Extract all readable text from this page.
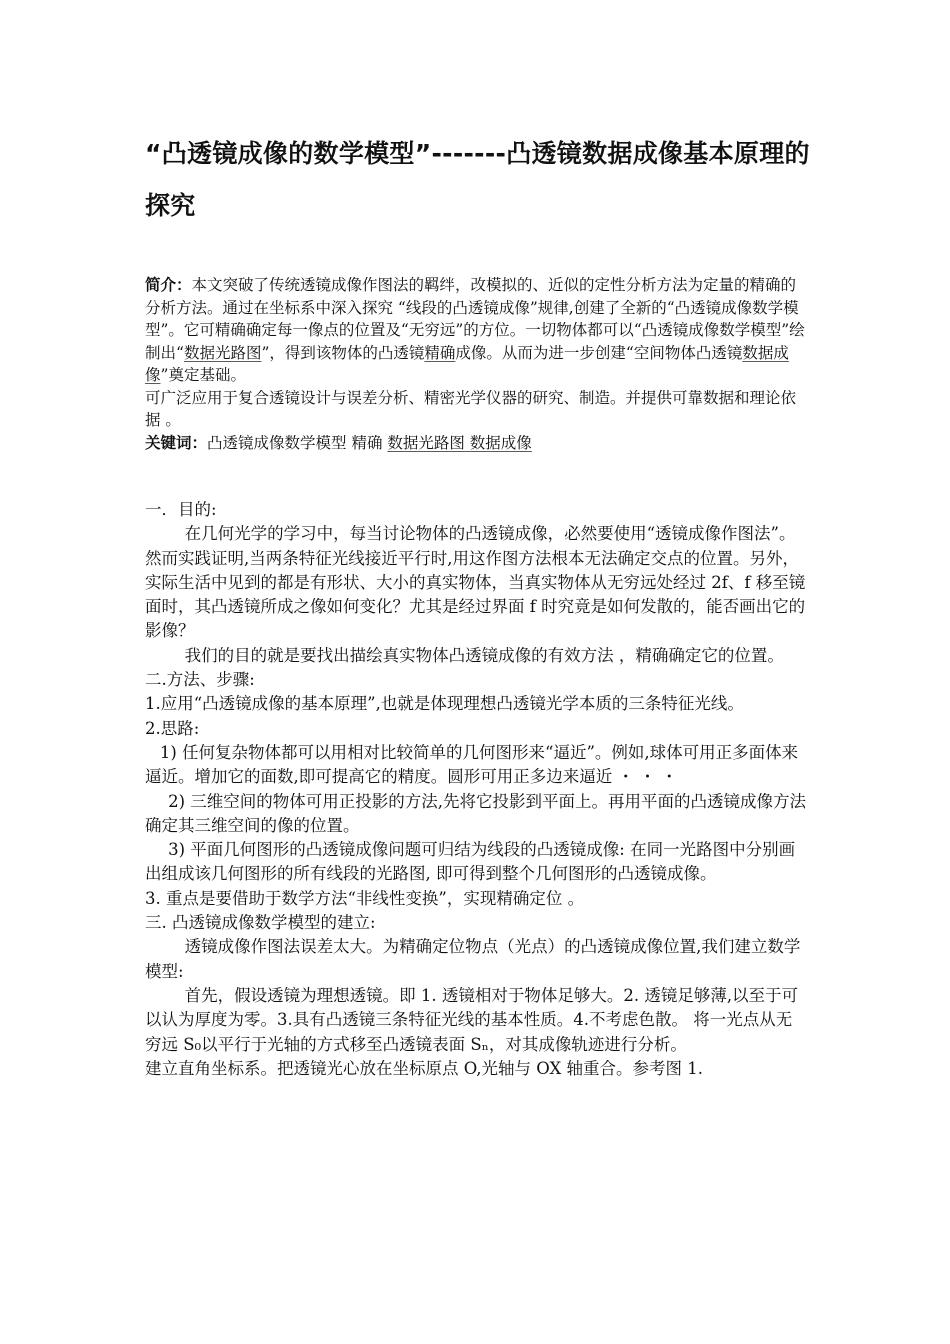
“凸透镜成像的数学模型”-------凸透镜数据成像基本原理的探究

简介：本文突破了传统透镜成像作图法的羁绊，改模拟的、近似的定性分析方法为定量的精确的分析方法。通过在坐标系中深入探究 “线段的凸透镜成像”规律,创建了全新的“凸透镜成像数学模型”。它可精确确定每一像点的位置及“无穷远”的方位。一切物体都可以“凸透镜成像数学模型”绘制出“数据光路图”，得到该物体的凸透镜精确成像。从而为进一步创建“空间物体凸透镜数据成像”奠定基础。

可广泛应用于复合透镜设计与误差分析、精密光学仪器的研究、制造。并提供可靠数据和理论依据 。

关键词：凸透镜成像数学模型 精确 数据光路图 数据成像

一．目的:

在几何光学的学习中，每当讨论物体的凸透镜成像，必然要使用“透镜成像作图法”。然而实践证明,当两条特征光线接近平行时,用这作图方法根本无法确定交点的位置。另外，实际生活中见到的都是有形状、大小的真实物体，当真实物体从无穷远处经过 2f、f 移至镜面时，其凸透镜所成之像如何变化？尤其是经过界面 f 时究竟是如何发散的，能否画出它的影像？

我们的目的就是要找出描绘真实物体凸透镜成像的有效方法 ，精确确定它的位置。

二.方法、步骤:

1.应用“凸透镜成像的基本原理”,也就是体现理想凸透镜光学本质的三条特征光线。

2.思路:

1) 任何复杂物体都可以用相对比较简单的几何图形来“逼近”。例如,球体可用正多面体来逼近。增加它的面数,即可提高它的精度。圆形可用正多边来逼近 ・ ・ ・

2) 三维空间的物体可用正投影的方法,先将它投影到平面上。再用平面的凸透镜成像方法确定其三维空间的像的位置。

3) 平面几何图形的凸透镜成像问题可归结为线段的凸透镜成像: 在同一光路图中分别画出组成该几何图形的所有线段的光路图, 即可得到整个几何图形的凸透镜成像。

3. 重点是要借助于数学方法“非线性变换”，实现精确定位 。

三. 凸透镜成像数学模型的建立:

透镜成像作图法误差太大。为精确定位物点（光点）的凸透镜成像位置,我们建立数学模型:

首先，假设透镜为理想透镜。即 1. 透镜相对于物体足够大。2. 透镜足够薄,以至于可以认为厚度为零。3.具有凸透镜三条特征光线的基本性质。4.不考虑色散。 将一光点从无穷远 S₀以平行于光轴的方式移至凸透镜表面 Sₙ，对其成像轨迹进行分析。

建立直角坐标系。把透镜光心放在坐标原点 O,光轴与 OX 轴重合。参考图 1.
